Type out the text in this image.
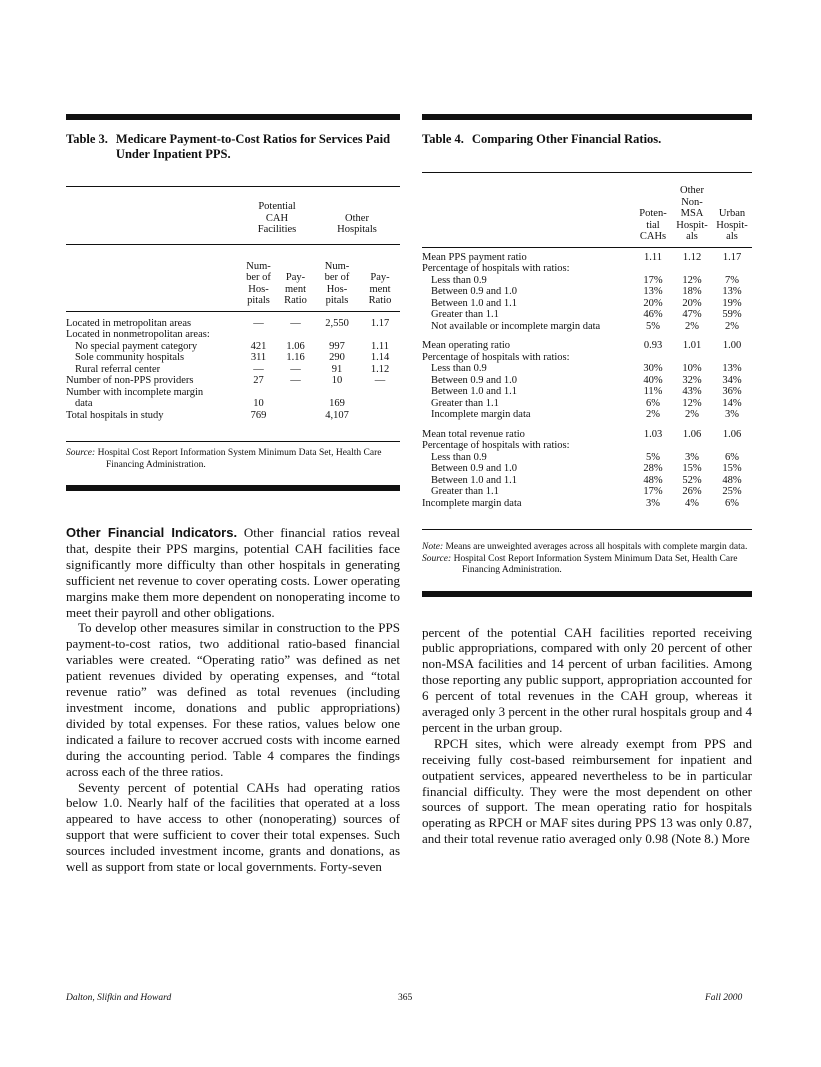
Table 3. Medicare Payment-to-Cost Ratios for Services Paid Under Inpatient PPS.
	Potential CAH Facilities		Other Hospitals	

	Num- ber of Hos- pitals	Pay- ment Ratio	Num- ber of Hos- pitals	Pay- ment Ratio

Located in metropolitan areas	—	—	2,550	1.17
Located in nonmetropolitan areas:				
No special payment category	421	1.06	997	1.11
Sole community hospitals	311	1.16	290	1.14
Rural referral center	—	—	91	1.12
Number of non-PPS providers	27	—	10	—
Number with incomplete margin				
data	10		169	
Total hospitals in study	769		4,107	
Source: Hospital Cost Report Information System Minimum Data Set, Health Care Financing Administration.

Other Financial Indicators. Other financial ratios reveal that, despite their PPS margins, potential CAH facilities face significantly more difficulty than other hospitals in generating sufficient net revenue to cover operating costs. Lower operating margins make them more dependent on nonoperating income to meet their payroll and other obligations.

To develop other measures similar in construction to the PPS payment-to-cost ratios, two additional ratio-based financial variables were created. “Operating ratio” was defined as net patient revenues divided by operating expenses, and “total revenue ratio” was defined as total revenues (including investment income, donations and public appropriations) divided by total expenses. For these ratios, values below one indicated a failure to recover accrued costs with income earned during the accounting period. Table 4 compares the findings across each of the three ratios.

Seventy percent of potential CAHs had operating ratios below 1.0. Nearly half of the facilities that operated at a loss appeared to have access to other (nonoperating) sources of support that were sufficient to cover their total expenses. Such sources included investment income, grants and donations, as well as support from state or local governments. Forty-seven

Table 4. Comparing Other Financial Ratios.
	Poten- tial CAHs	Other Non- MSA Hospit- als	Urban Hospit- als

Mean PPS payment ratio	1.11	1.12	1.17
Percentage of hospitals with ratios:			
Less than 0.9	17%	12%	7%
Between 0.9 and 1.0	13%	18%	13%
Between 1.0 and 1.1	20%	20%	19%
Greater than 1.1	46%	47%	59%
Not available or incomplete margin data	5%	2%	2%
Mean operating ratio	0.93	1.01	1.00
Percentage of hospitals with ratios:			
Less than 0.9	30%	10%	13%
Between 0.9 and 1.0	40%	32%	34%
Between 1.0 and 1.1	11%	43%	36%
Greater than 1.1	6%	12%	14%
Incomplete margin data	2%	2%	3%
Mean total revenue ratio	1.03	1.06	1.06
Percentage of hospitals with ratios:			
Less than 0.9	5%	3%	6%
Between 0.9 and 1.0	28%	15%	15%
Between 1.0 and 1.1	48%	52%	48%
Greater than 1.1	17%	26%	25%
Incomplete margin data	3%	4%	6%
Note: Means are unweighted averages across all hospitals with complete margin data.
Source: Hospital Cost Report Information System Minimum Data Set, Health Care Financing Administration.

percent of the potential CAH facilities reported receiving public appropriations, compared with only 20 percent of other non-MSA facilities and 14 percent of urban facilities. Among those reporting any public support, appropriation accounted for 6 percent of total revenues in the CAH group, whereas it averaged only 3 percent in the other rural hospitals group and 4 percent in the urban group.

RPCH sites, which were already exempt from PPS and receiving fully cost-based reimbursement for inpatient and outpatient services, appeared nevertheless to be in particular financial difficulty. They were the most dependent on other sources of support. The mean operating ratio for hospitals operating as RPCH or MAF sites during PPS 13 was only 0.87, and their total revenue ratio averaged only 0.98 (Note 8.) More

Dalton, Slifkin and Howard	365	Fall 2000
